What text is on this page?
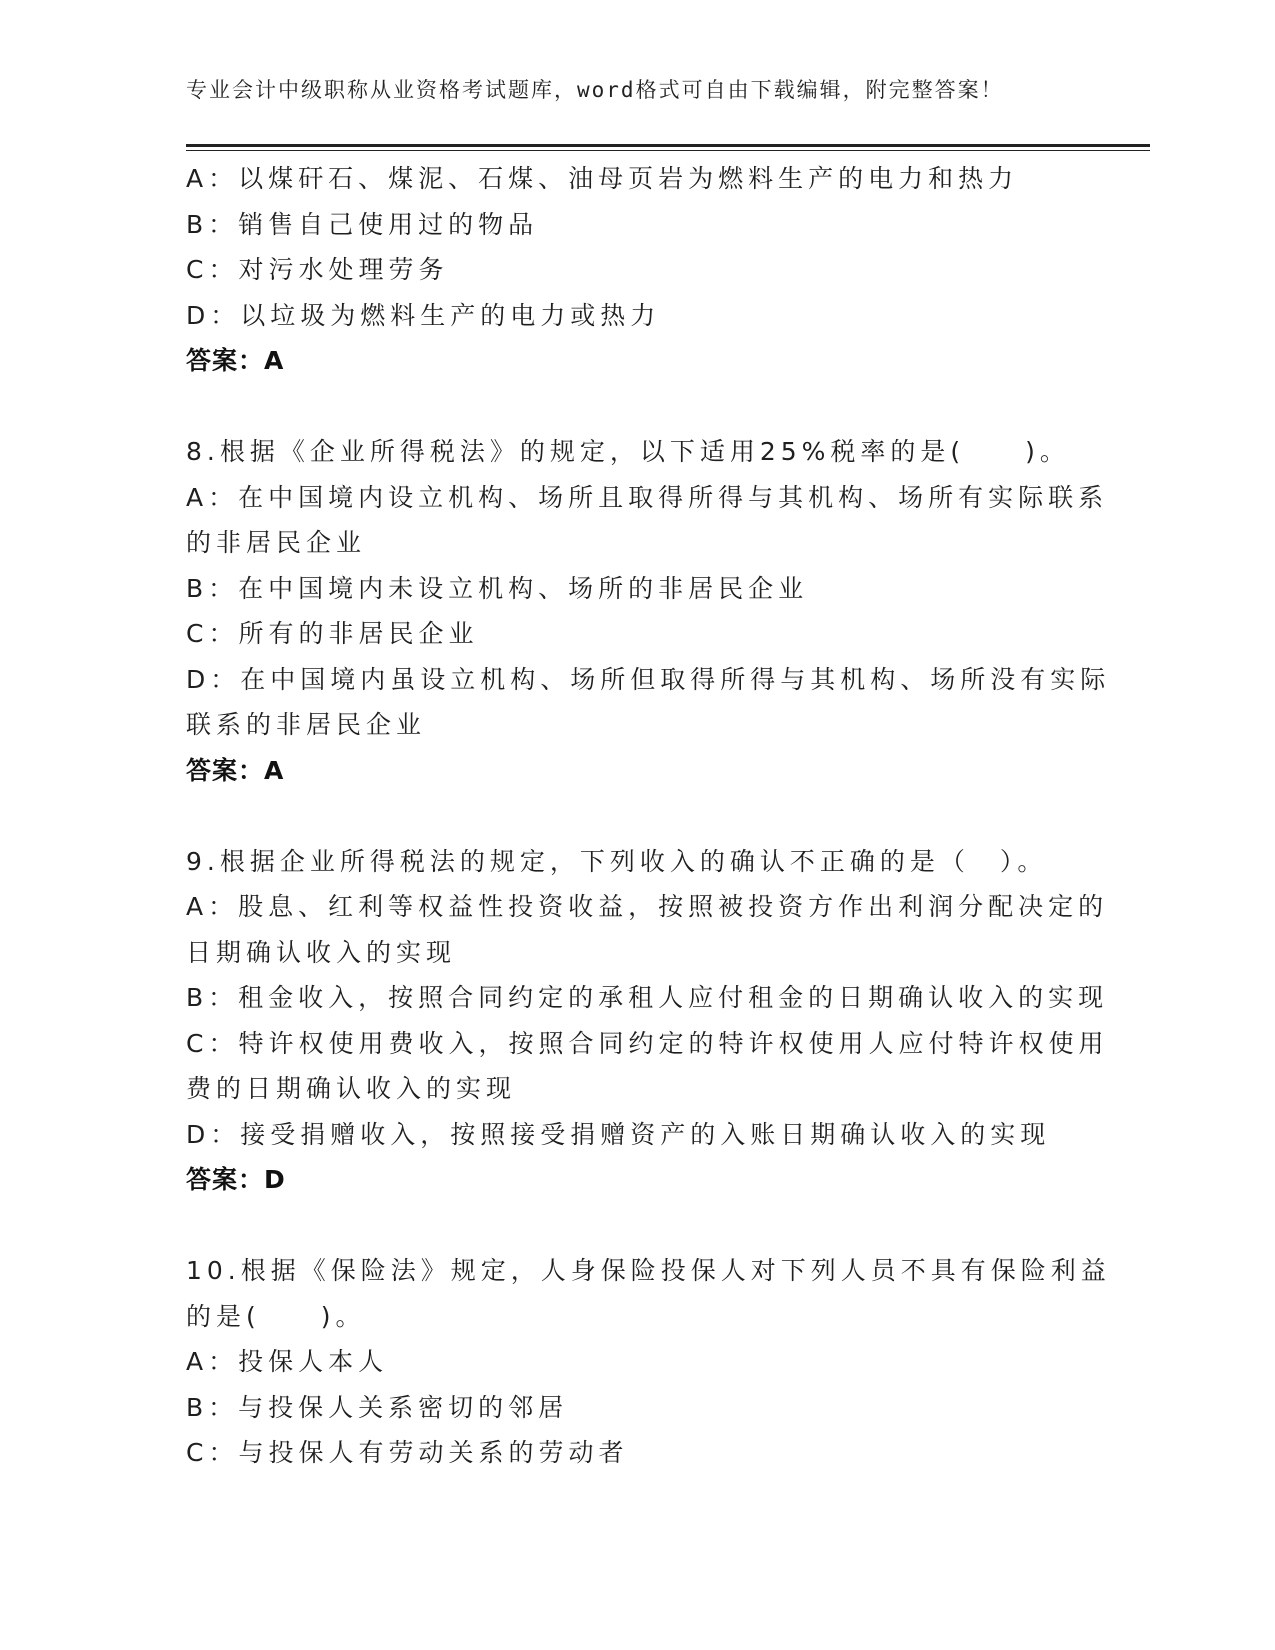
专业会计中级职称从业资格考试题库，word格式可自由下载编辑，附完整答案！
A：以煤矸石、煤泥、石煤、油母页岩为燃料生产的电力和热力
B：销售自己使用过的物品
C：对污水处理劳务
D：以垃圾为燃料生产的电力或热力
答案：A
8.根据《企业所得税法》的规定，以下适用25%税率的是(　　)。
A：在中国境内设立机构、场所且取得所得与其机构、场所有实际联系
的非居民企业
B：在中国境内未设立机构、场所的非居民企业
C：所有的非居民企业
D：在中国境内虽设立机构、场所但取得所得与其机构、场所没有实际
联系的非居民企业
答案：A
9.根据企业所得税法的规定，下列收入的确认不正确的是（　）。
A：股息、红利等权益性投资收益，按照被投资方作出利润分配决定的
日期确认收入的实现
B：租金收入，按照合同约定的承租人应付租金的日期确认收入的实现
C：特许权使用费收入，按照合同约定的特许权使用人应付特许权使用
费的日期确认收入的实现
D：接受捐赠收入，按照接受捐赠资产的入账日期确认收入的实现
答案：D
10.根据《保险法》规定，人身保险投保人对下列人员不具有保险利益
的是(　　)。
A：投保人本人
B：与投保人关系密切的邻居
C：与投保人有劳动关系的劳动者
